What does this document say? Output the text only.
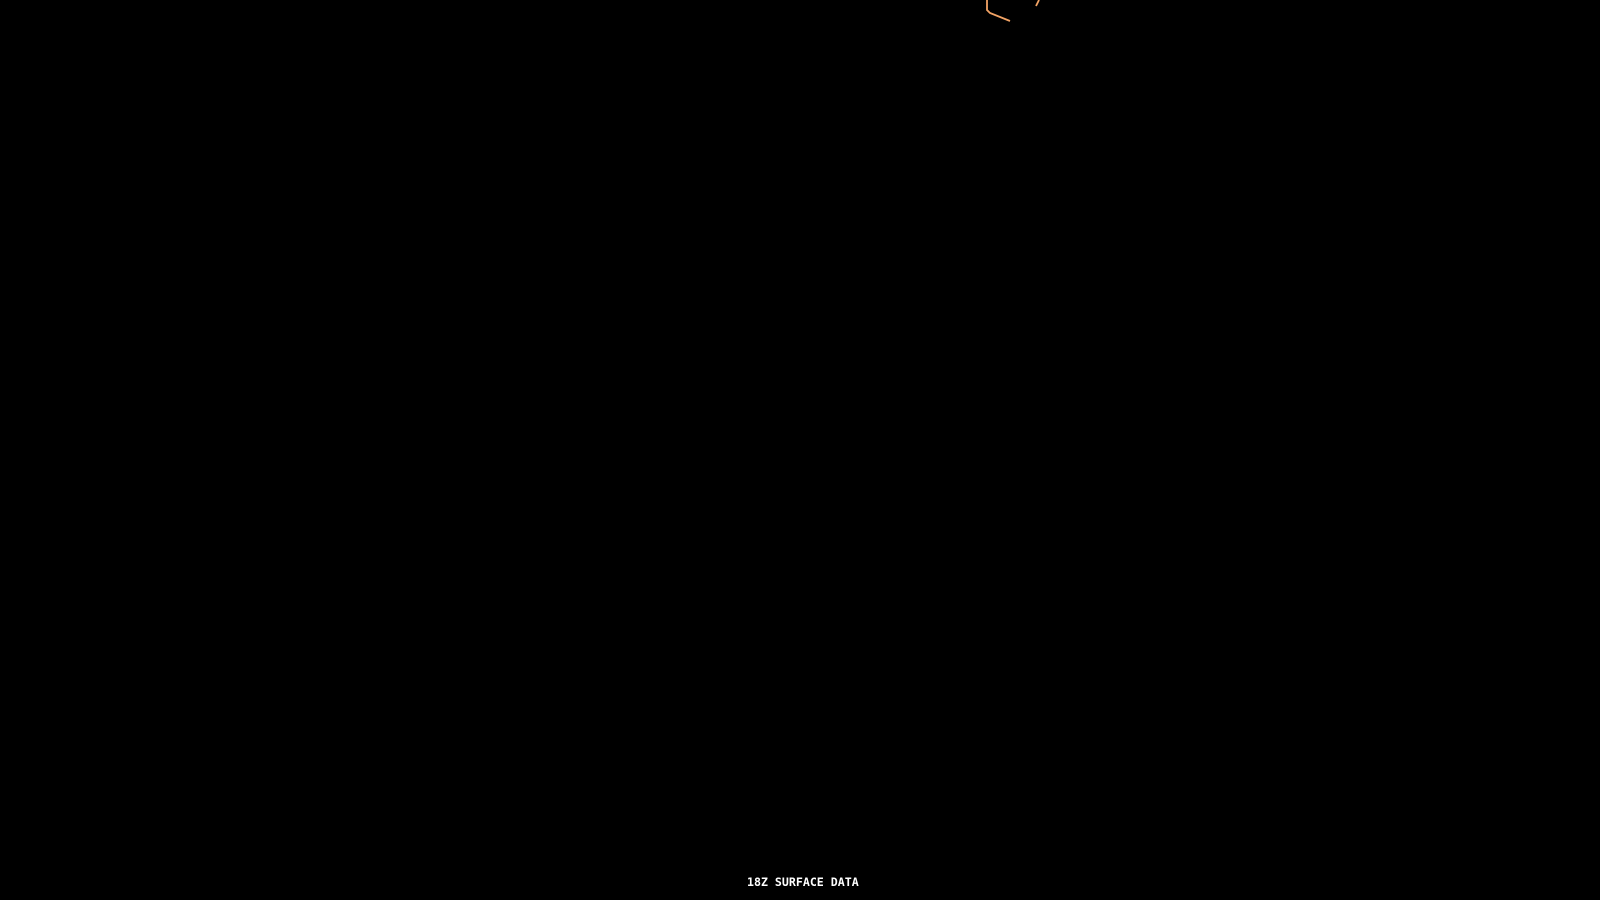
18Z SURFACE DATA
